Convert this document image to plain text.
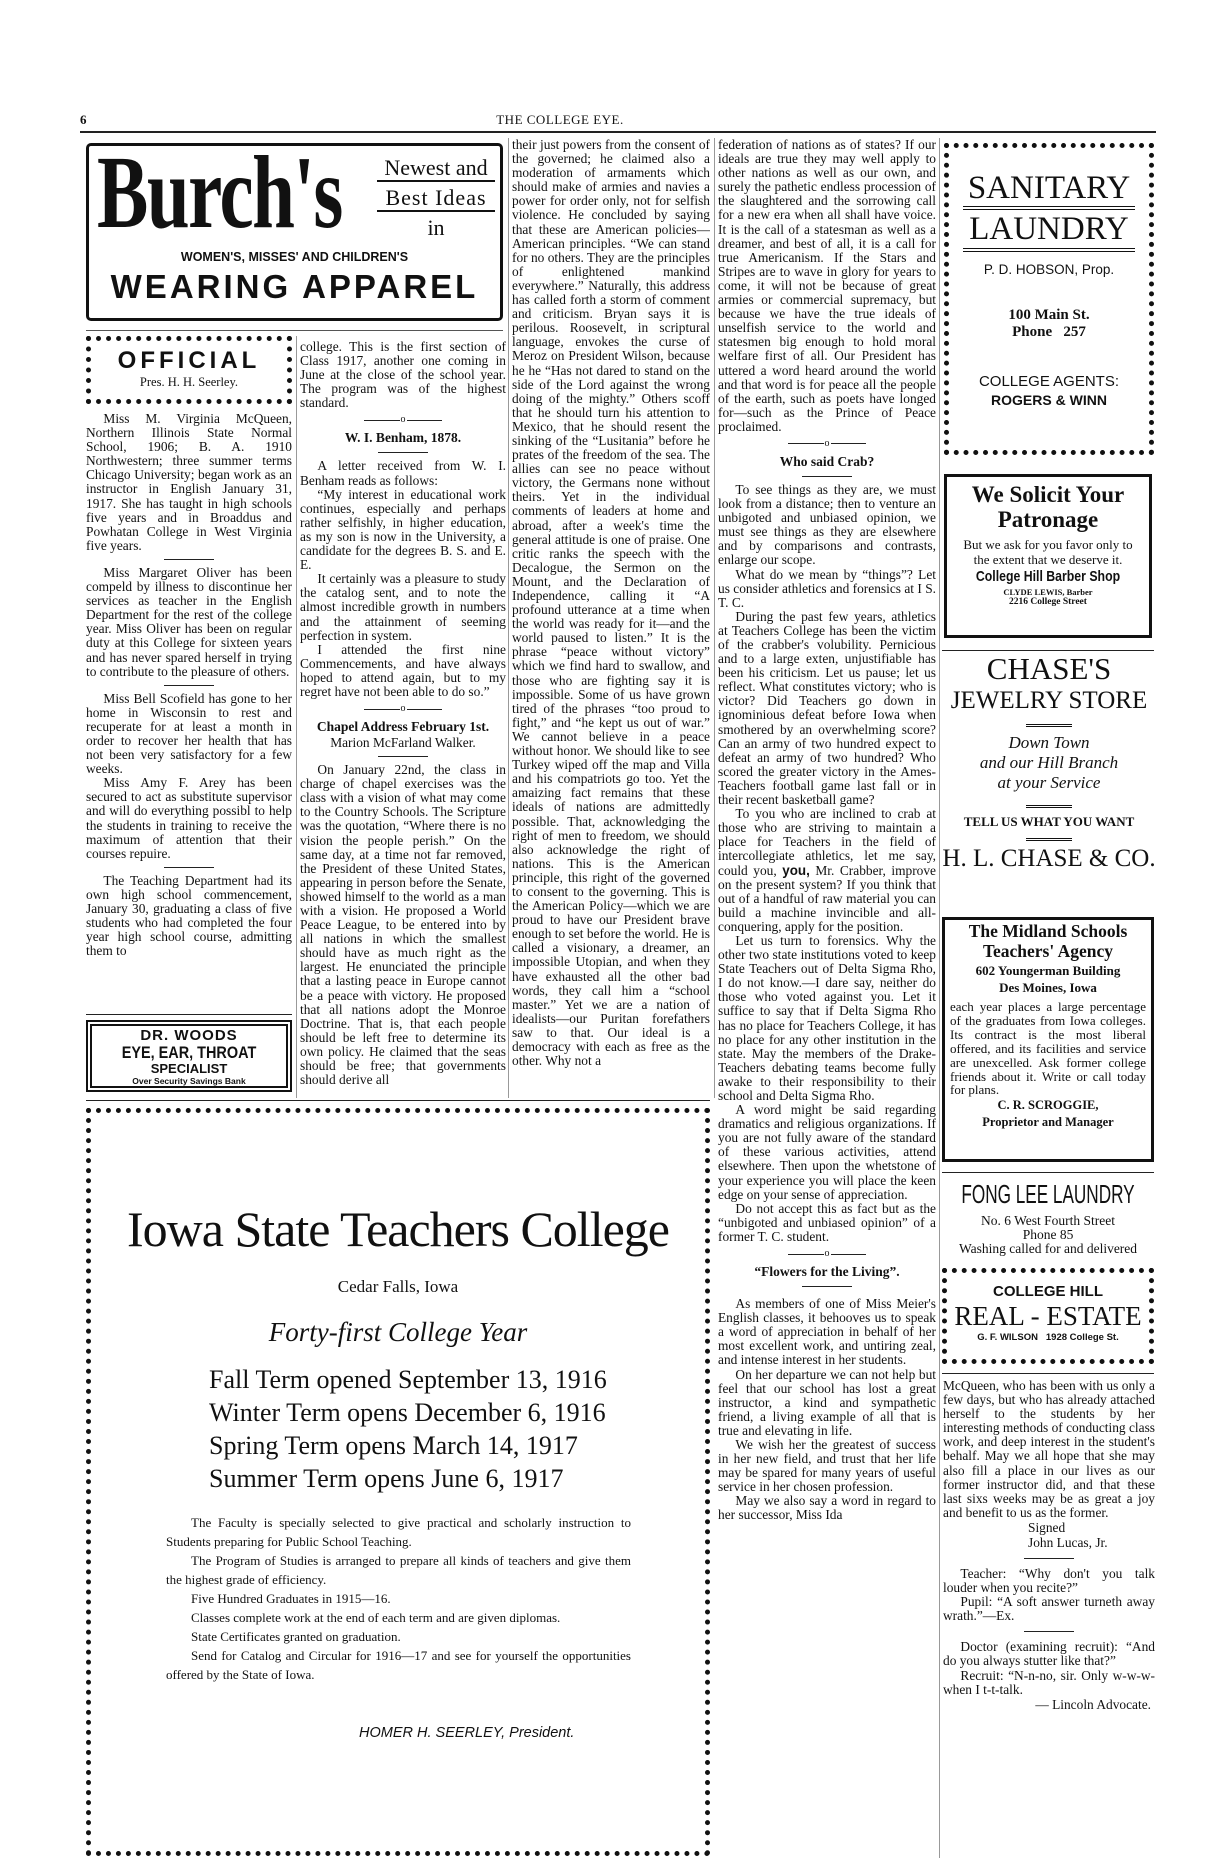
6	THE COLLEGE EYE.
Burch's	Newest and
Best Ideas
in
WOMEN'S, MISSES' AND CHILDREN'S
WEARING APPAREL
OFFICIAL
Pres. H. H. Seerley.

Miss M. Virginia McQueen, Northern Illinois State Normal School, 1906; B. A. 1910 Northwestern; three summer terms Chicago University; began work as an instructor in English January 31, 1917. She has taught in high schools five years and in Broaddus and Powhatan College in West Virginia five years.

Miss Margaret Oliver has been compeld by illness to discontinue her services as teacher in the English Department for the rest of the college year. Miss Oliver has been on regular duty at this College for sixteen years and has never spared herself in trying to contribute to the pleasure of others.

Miss Bell Scofield has gone to her home in Wisconsin to rest and recuperate for at least a month in order to recover her health that has not been very satisfactory for a few weeks.

Miss Amy F. Arey has been secured to act as substitute supervisor and will do everything possibl to help the students in training to receive the maximum of attention that their courses repuire.

The Teaching Department had its own high school commencement, January 30, graduating a class of five students who had completed the four year high school course, admitting them to

DR. WOODS
EYE, EAR, THROAT
SPECIALIST
Over Security Savings Bank

college. This is the first section of Class 1917, another one coming in June at the close of the school year. The program was of the highest standard.

o
W. I. Benham, 1878.

A letter received from W. I. Benham reads as follows:

“My interest in educational work continues, especially and perhaps rather selfishly, in higher education, as my son is now in the University, a candidate for the degrees B. S. and E. E.

It certainly was a pleasure to study the catalog sent, and to note the almost incredible growth in numbers and the attainment of seeming perfection in system.

I attended the first nine Commencements, and have always hoped to attend again, but to my regret have not been able to do so.”

o
Chapel Address February 1st.
Marion McFarland Walker.

On January 22nd, the class in charge of chapel exercises was the class with a vision of what may come to the Country Schools. The Scripture was the quotation, “Where there is no vision the people perish.” On the same day, at a time not far removed, the President of these United States, appearing in person before the Senate, showed himself to the world as a man with a vision. He proposed a World Peace League, to be entered into by all nations in which the smallest should have as much right as the largest. He enunciated the principle that a lasting peace in Europe cannot be a peace with victory. He proposed that all nations adopt the Monroe Doctrine. That is, that each people should be left free to determine its own policy. He claimed that the seas should be free; that governments should derive all

their just powers from the consent of the governed; he claimed also a moderation of armaments which should make of armies and navies a power for order only, not for selfish violence. He concluded by saying that these are American policies—American principles. “We can stand for no others. They are the principles of enlightened mankind everywhere.” Naturally, this address has called forth a storm of comment and criticism. Bryan says it is perilous. Roosevelt, in scriptural language, envokes the curse of Meroz on President Wilson, because he he “Has not dared to stand on the side of the Lord against the wrong doing of the mighty.” Others scoff that he should turn his attention to Mexico, that he should resent the sinking of the “Lusitania” before he prates of the freedom of the sea. The allies can see no peace without victory, the Germans none without theirs. Yet in the individual comments of leaders at home and abroad, after a week's time the general attitude is one of praise. One critic ranks the speech with the Decalogue, the Sermon on the Mount, and the Declaration of Independence, calling it “A profound utterance at a time when the world was ready for it—and the world paused to listen.” It is the phrase “peace without victory” which we find hard to swallow, and those who are fighting say it is impossible. Some of us have grown tired of the phrases “too proud to fight,” and “he kept us out of war.” We cannot believe in a peace without honor. We should like to see Turkey wiped off the map and Villa and his compatriots go too. Yet the amaizing fact remains that these ideals of nations are admittedly possible. That, acknowledging the right of men to freedom, we should also acknowledge the right of nations. This is the American principle, this right of the governed to consent to the governing. This is the American Policy—which we are proud to have our President brave enough to set before the world. He is called a visionary, a dreamer, an impossible Utopian, and when they have exhausted all the other bad words, they call him a “school master.” Yet we are a nation of idealists—our Puritan forefathers saw to that. Our ideal is a democracy with each as free as the other. Why not a

federation of nations as of states? If our ideals are true they may well apply to other nations as well as our own, and surely the pathetic endless procession of the slaughtered and the sorrowing call for a new era when all shall have voice. It is the call of a statesman as well as a dreamer, and best of all, it is a call for true Americanism. If the Stars and Stripes are to wave in glory for years to come, it will not be because of great armies or commercial supremacy, but because we have the true ideals of unselfish service to the world and statesmen big enough to hold moral welfare first of all. Our President has uttered a word heard around the world and that word is for peace all the people of the earth, such as poets have longed for—such as the Prince of Peace proclaimed.

o
Who said Crab?

To see things as they are, we must look from a distance; then to venture an unbigoted and unbiased opinion, we must see things as they are elsewhere and by comparisons and contrasts, enlarge our scope.

What do we mean by “things”? Let us consider athletics and forensics at I S. T. C.

During the past few years, athletics at Teachers College has been the victim of the crabber's volubility. Pernicious and to a large exten, unjustifiable has been his criticism. Let us pause; let us reflect. What constitutes victory; who is victor? Did Teachers go down in ignominious defeat before Iowa when smothered by an overwhelming score? Can an army of two hundred expect to defeat an army of two hundred? Who scored the greater victory in the Ames-Teachers football game last fall or in their recent basketball game?

To you who are inclined to crab at those who are striving to maintain a place for Teachers in the field of intercollegiate athletics, let me say, could you, you, Mr. Crabber, improve on the present system? If you think that out of a handful of raw material you can build a machine invincible and all-conquering, apply for the position.

Let us turn to forensics. Why the other two state institutions voted to keep State Teachers out of Delta Sigma Rho, I do not know.—I dare say, neither do those who voted against you. Let it suffice to say that if Delta Sigma Rho has no place for Teachers College, it has no place for any other institution in the state. May the members of the Drake-Teachers debating teams become fully awake to their responsibility to their school and Delta Sigma Rho.

A word might be said regarding dramatics and religious organizations. If you are not fully aware of the standard of these various activities, attend elsewhere. Then upon the whetstone of your experience you will place the keen edge on your sense of appreciation.

Do not accept this as fact but as the “unbigoted and unbiased opinion” of a former T. C. student.

o
“Flowers for the Living”.

As members of one of Miss Meier's English classes, it behooves us to speak a word of appreciation in behalf of her most excellent work, and untiring zeal, and intense interest in her students.

On her departure we can not help but feel that our school has lost a great instructor, a kind and sympathetic friend, a living example of all that is true and elevating in life.

We wish her the greatest of success in her new field, and trust that her life may be spared for many years of useful service in her chosen profession.

May we also say a word in regard to her successor, Miss Ida

SANITARY
LAUNDRY
P. D. HOBSON, Prop.
100 Main St.
Phone   257
COLLEGE AGENTS:
ROGERS & WINN
We Solicit Your
Patronage
But we ask for you favor only to the extent that we deserve it.
College Hill Barber Shop
CLYDE LEWIS, Barber
2216 College Street
CHASE'S
JEWELRY STORE
Down Town
and our Hill Branch
at your Service
TELL US WHAT YOU WANT
H. L. CHASE & CO.
The Midland Schools
Teachers' Agency
602 Youngerman Building
Des Moines, Iowa
each year places a large percentage of the graduates from Iowa colleges. Its contract is the most liberal offered, and its facilities and service are unexcelled. Ask former college friends about it. Write or call today for plans.
C. R. SCROGGIE,
Proprietor and Manager
FONG LEE LAUNDRY
No. 6 West Fourth Street
Phone 85
Washing called for and delivered
COLLEGE HILL
REAL - ESTATE
G. F. WILSON 1928 College St.

McQueen, who has been with us only a few days, but who has already attached herself to the students by her interesting methods of conducting class work, and deep interest in the student's behalf. May we all hope that she may also fill a place in our lives as our former instructor did, and that these last sixs weeks may be as great a joy and benefit to us as the former.

Signed
John Lucas, Jr.

Teacher: “Why don't you talk louder when you recite?”

Pupil: “A soft answer turneth away wrath.”—Ex.

Doctor (examining recruit): “And do you always stutter like that?”

Recruit: “N-n-no, sir. Only w-w-w-when I t-t-talk.

— Lincoln Advocate.
Iowa State Teachers College
Cedar Falls, Iowa
Forty-first College Year
Fall Term opened September 13, 1916
Winter Term opens December 6, 1916
Spring Term opens March 14, 1917
Summer Term opens June 6, 1917

The Faculty is specially selected to give practical and scholarly instruction to Students preparing for Public School Teaching.

The Program of Studies is arranged to prepare all kinds of teachers and give them the highest grade of efficiency.

Five Hundred Graduates in 1915—16.

Classes complete work at the end of each term and are given diplomas.

State Certificates granted on graduation.

Send for Catalog and Circular for 1916—17 and see for yourself the opportunities offered by the State of Iowa.

HOMER H. SEERLEY, President.
